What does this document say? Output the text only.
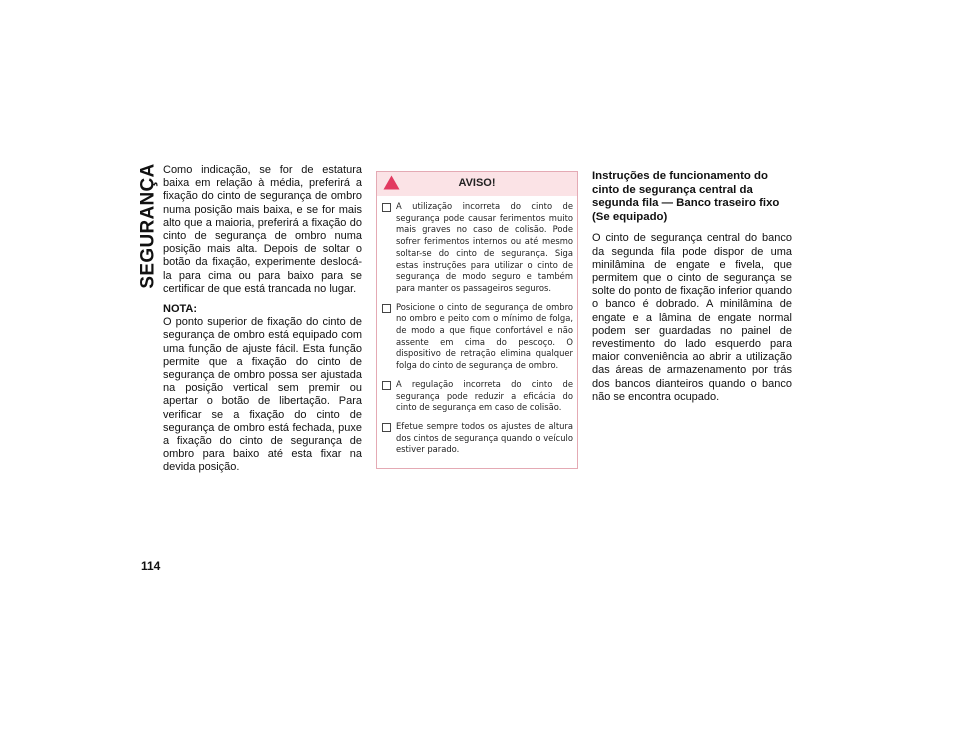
SEGURANÇA
114

Como indicação, se for de estatura baixa em relação à média, preferirá a fixação do cinto de segurança de ombro numa posição mais baixa, e se for mais alto que a maioria, preferirá a fixação do cinto de segurança de ombro numa posição mais alta. Depois de soltar o botão da fixação, experimente deslocá-la para cima ou para baixo para se certificar de que está trancada no lugar.

NOTA:

O ponto superior de fixação do cinto de segurança de ombro está equipado com uma função de ajuste fácil. Esta função permite que a fixação do cinto de segurança de ombro possa ser ajustada na posição vertical sem premir ou apertar o botão de libertação. Para verificar se a fixação do cinto de segurança de ombro está fechada, puxe a fixação do cinto de segurança de ombro para baixo até esta fixar na devida posição.

AVISO!
A utilização incorreta do cinto de segurança pode causar ferimentos muito mais graves no caso de colisão. Pode sofrer ferimentos internos ou até mesmo soltar-se do cinto de segurança. Siga estas instruções para utilizar o cinto de segurança de modo seguro e também para manter os passageiros seguros.
Posicione o cinto de segurança de ombro no ombro e peito com o mínimo de folga, de modo a que fique confortável e não assente em cima do pescoço. O dispositivo de retração elimina qualquer folga do cinto de segurança de ombro.
A regulação incorreta do cinto de segurança pode reduzir a eficácia do cinto de segurança em caso de colisão.
Efetue sempre todos os ajustes de altura dos cintos de segurança quando o veículo estiver parado.
Instruções de funcionamento do cinto de segurança central da segunda fila — Banco traseiro fixo (Se equipado)

O cinto de segurança central do banco da segunda fila pode dispor de uma minilâmina de engate e fivela, que permitem que o cinto de segurança se solte do ponto de fixação inferior quando o banco é dobrado. A minilâmina de engate e a lâmina de engate normal podem ser guardadas no painel de revestimento do lado esquerdo para maior conveniência ao abrir a utilização das áreas de armazenamento por trás dos bancos dianteiros quando o banco não se encontra ocupado.
